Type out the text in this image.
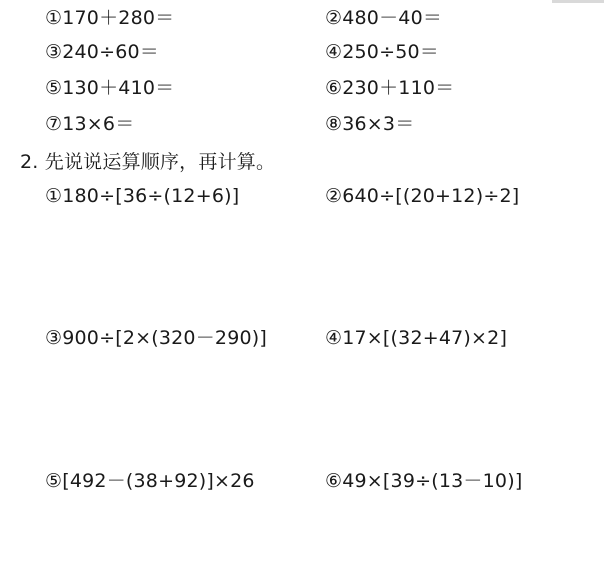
①170＋280＝	②480－40＝
③240÷60＝	④250÷50＝
⑤130＋410＝	⑥230＋110＝
⑦13×6＝	⑧36×3＝
2. 先说说运算顺序，再计算。
①180÷[36÷(12+6)]	②640÷[(20+12)÷2]
③900÷[2×(320－290)]	④17×[(32+47)×2]
⑤[492－(38+92)]×26	⑥49×[39÷(13－10)]
